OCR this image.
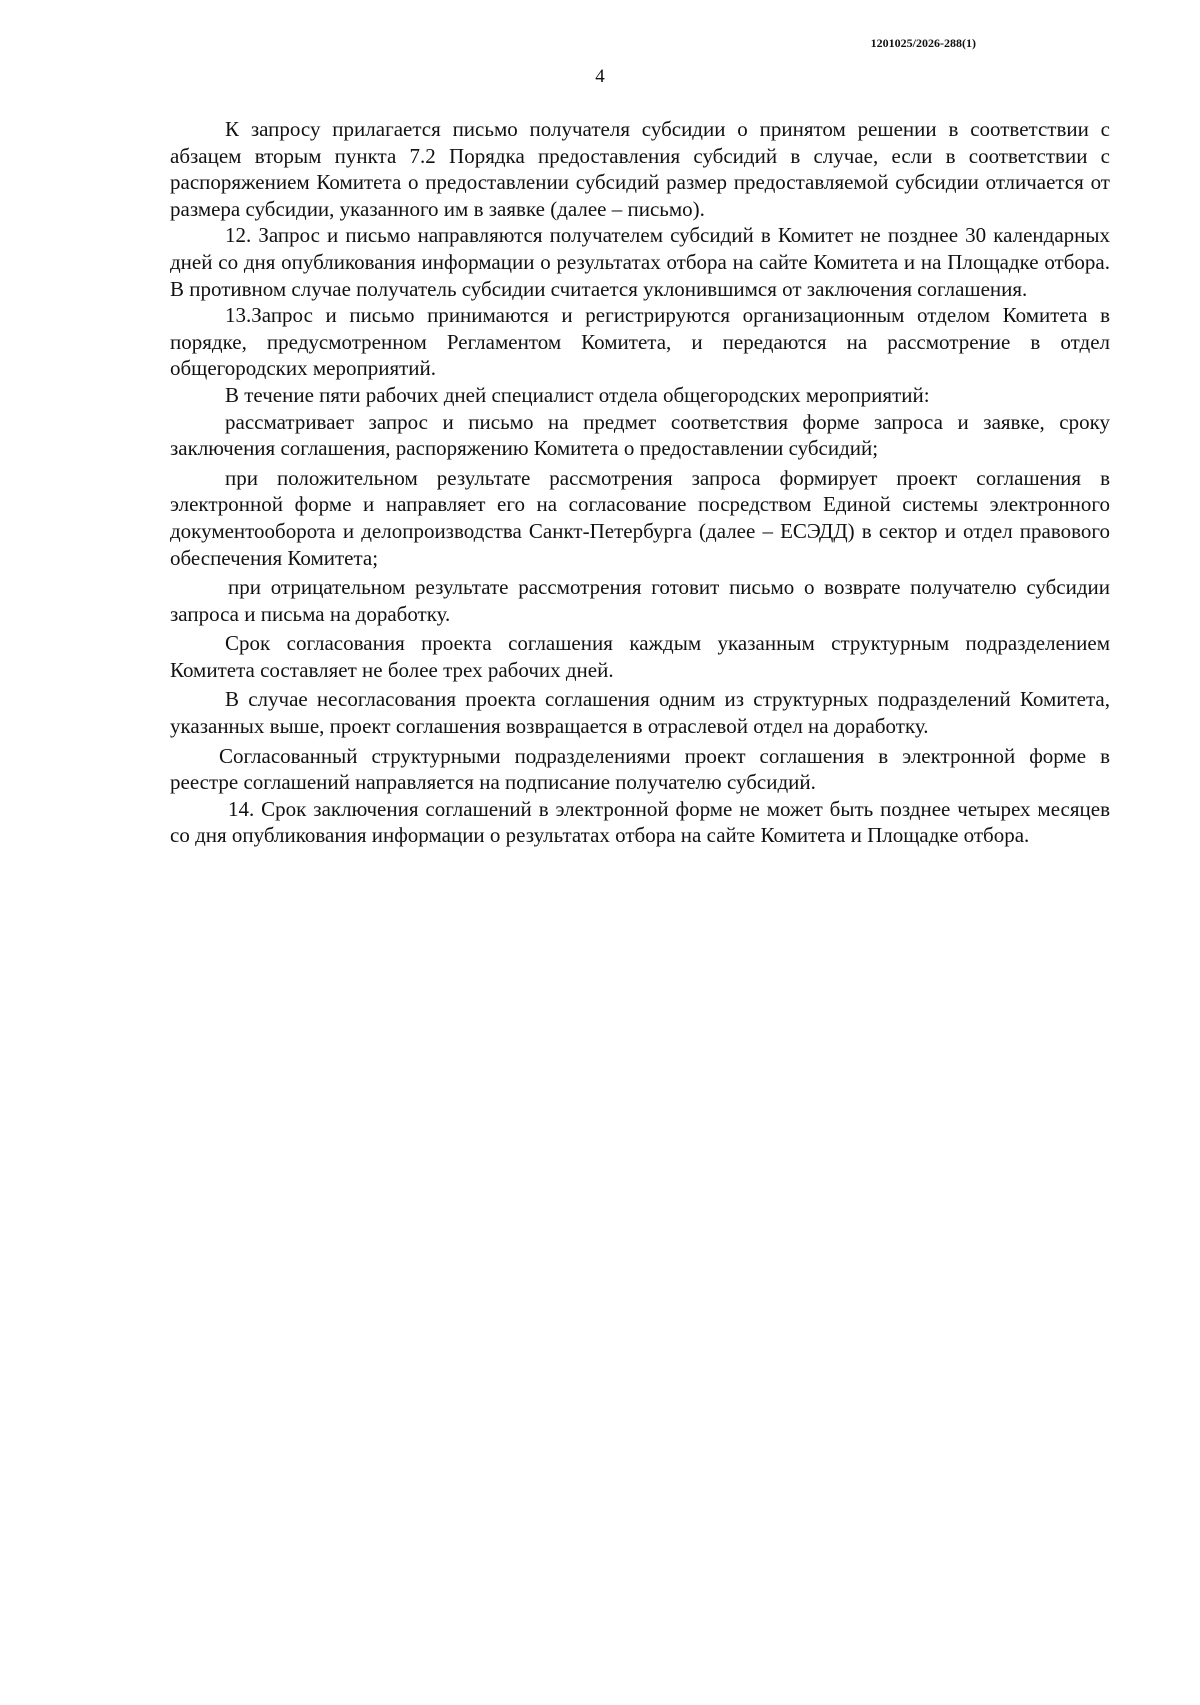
1201025/2026-288(1)
4

К запросу прилагается письмо получателя субсидии о принятом решении в соответствии с абзацем вторым пункта 7.2 Порядка предоставления субсидий в случае, если в соответствии с распоряжением Комитета о предоставлении субсидий размер предоставляемой субсидии отличается от размера субсидии, указанного им в заявке (далее – письмо).

12. Запрос и письмо направляются получателем субсидий в Комитет не позднее 30 календарных дней со дня опубликования информации о результатах отбора на сайте Комитета и на Площадке отбора. В противном случае получатель субсидии считается уклонившимся от заключения соглашения.

13.Запрос и письмо принимаются и регистрируются организационным отделом Комитета в порядке, предусмотренном Регламентом Комитета, и передаются на рассмотрение в отдел общегородских мероприятий.

В течение пяти рабочих дней специалист отдела общегородских мероприятий:

рассматривает запрос и письмо на предмет соответствия форме запроса и заявке, сроку заключения соглашения, распоряжению Комитета о предоставлении субсидий;

при положительном результате рассмотрения запроса формирует проект соглашения в электронной форме и направляет его на согласование посредством Единой системы электронного документооборота и делопроизводства Санкт-Петербурга (далее – ЕСЭДД) в сектор и отдел правового обеспечения Комитета;

при отрицательном результате рассмотрения готовит письмо о возврате получателю субсидии запроса и письма на доработку.

Срок согласования проекта соглашения каждым указанным структурным подразделением Комитета составляет не более трех рабочих дней.

В случае несогласования проекта соглашения одним из структурных подразделений Комитета, указанных выше, проект соглашения возвращается в отраслевой отдел на доработку.

Согласованный структурными подразделениями проект соглашения в электронной форме в реестре соглашений направляется на подписание получателю субсидий.

14. Срок заключения соглашений в электронной форме не может быть позднее четырех месяцев со дня опубликования информации о результатах отбора на сайте Комитета и Площадке отбора.
